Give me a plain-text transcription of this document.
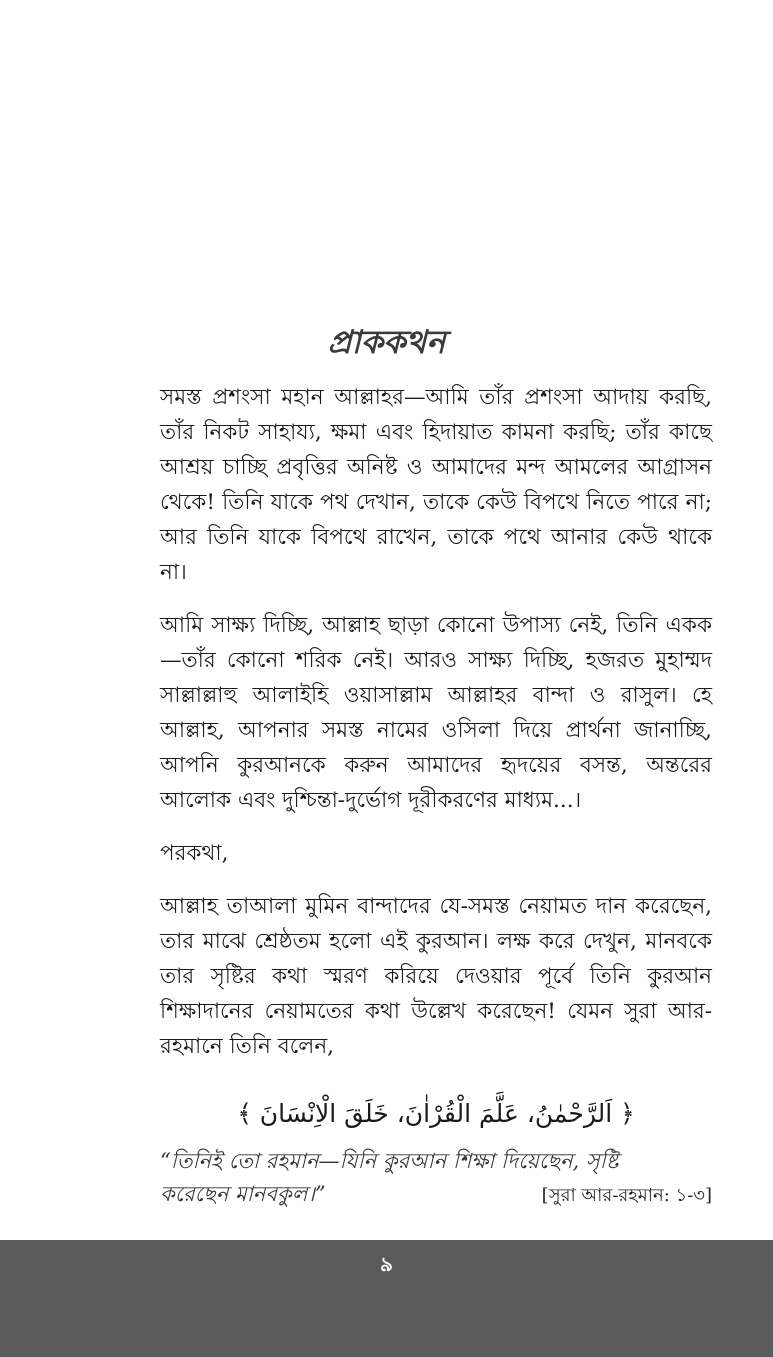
প্রাককথন

সমস্ত প্রশংসা মহান আল্লাহর—আমি তাঁর প্রশংসা আদায় করছি, তাঁর নিকট সাহায্য, ক্ষমা এবং হিদায়াত কামনা করছি; তাঁর কাছে আশ্রয় চাচ্ছি প্রবৃত্তির অনিষ্ট ও আমাদের মন্দ আমলের আগ্রাসন থেকে! তিনি যাকে পথ দেখান, তাকে কেউ বিপথে নিতে পারে না; আর তিনি যাকে বিপথে রাখেন, তাকে পথে আনার কেউ থাকে না।

আমি সাক্ষ্য দিচ্ছি, আল্লাহ ছাড়া কোনো উপাস্য নেই, তিনি একক—তাঁর কোনো শরিক নেই। আরও সাক্ষ্য দিচ্ছি, হজরত মুহাম্মদ সাল্লাল্লাহু আলাইহি ওয়াসাল্লাম আল্লাহর বান্দা ও রাসুল। হে আল্লাহ, আপনার সমস্ত নামের ওসিলা দিয়ে প্রার্থনা জানাচ্ছি, আপনি কুরআনকে করুন আমাদের হৃদয়ের বসন্ত, অন্তরের আলোক এবং দুশ্চিন্তা-দুর্ভোগ দূরীকরণের মাধ্যম...।

পরকথা,

আল্লাহ তাআলা মুমিন বান্দাদের যে-সমস্ত নেয়ামত দান করেছেন, তার মাঝে শ্রেষ্ঠতম হলো এই কুরআন। লক্ষ করে দেখুন, মানবকে তার সৃষ্টির কথা স্মরণ করিয়ে দেওয়ার পূর্বে তিনি কুরআন শিক্ষাদানের নেয়ামতের কথা উল্লেখ করেছেন! যেমন সুরা আর-রহমানে তিনি বলেন,

﴿ اَلرَّحْمٰنُ، عَلَّمَ الْقُرْاٰنَ، خَلَقَ الْاِنْسَانَ ﴾

“তিনিই তো রহমান—যিনি কুরআন শিক্ষা দিয়েছেন, সৃষ্টি

করেছেন মানবকুল।”	[সুরা আর-রহমান: ১-৩]
৯
